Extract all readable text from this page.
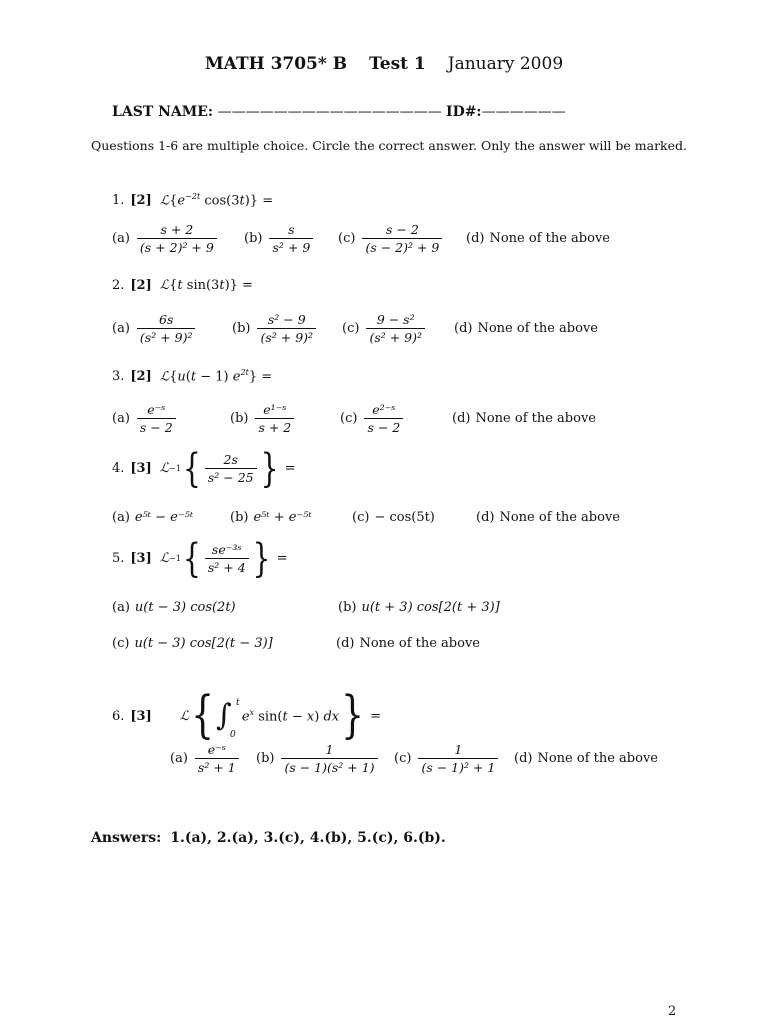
MATH 3705* B Test 1 January 2009
LAST NAME: ———————————————— ID#:——————
Questions 1-6 are multiple choice. Circle the correct answer. Only the answer will be marked.
1. [2] $ℒ\{e^{-2t}$ cos(3t)} =
$(a) \frac{s + 2}{\text{(s + 2)² + 9}} (b) \frac{s}{\text{s² + 9}} (c) \frac{s - 2}{\text{(s − 2)² + 9}} (d)$ None of the above
2. [2] ℒ{t sin(3t)} =
$(a) \frac{6s}{\text{(s² + 9)²}}$	$(b) \frac{\text{s² − 9}}{\text{(s² + 9)²}} (c) \frac{\text{9 − s²}}{\text{(s² + 9)²}} (d)$ None of the above
3. [2] ℒ{u(t − 1) $e^{2t}$} =
$(a) \frac{\text{e⁻ˢ}}{s - 2}$	$(b) \frac{\text{e¹⁻ˢ}}{s + 2}$	$(c) \frac{\text{e²⁻ˢ}}{s - 2}$	(d) None of the above
4. [3] ℒ −1 { $\frac{2s}{\text{s² − 25}}$ } =
(a) e⁵ᵗ − e⁻⁵ᵗ	(b) e⁵ᵗ + e⁻⁵ᵗ	(c) − cos(5t)	(d) None of the above
5. [3] ℒ −1 { $\frac{\text{se⁻³ˢ}}{\text{s² + 4}}$ } =
(a) u(t − 3) cos(2t)	(b) u(t + 3) cos[2(t + 3)]
(c) u(t − 3) cos[2(t − 3)]	(d) None of the above
6. [3] ℒ { ∫
0
t
$e^x$ sin(t − x) dx } =
$(a) \frac{\text{e⁻ˢ}}{\text{s² + 1}} (b) \frac{1}{\text{(s − 1)(s² + 1)}} (c) \frac{1}{\text{(s − 1)² + 1}} (d)$ None of the above
Answers: 1.(a), 2.(a), 3.(c), 4.(b), 5.(c), 6.(b).
2
